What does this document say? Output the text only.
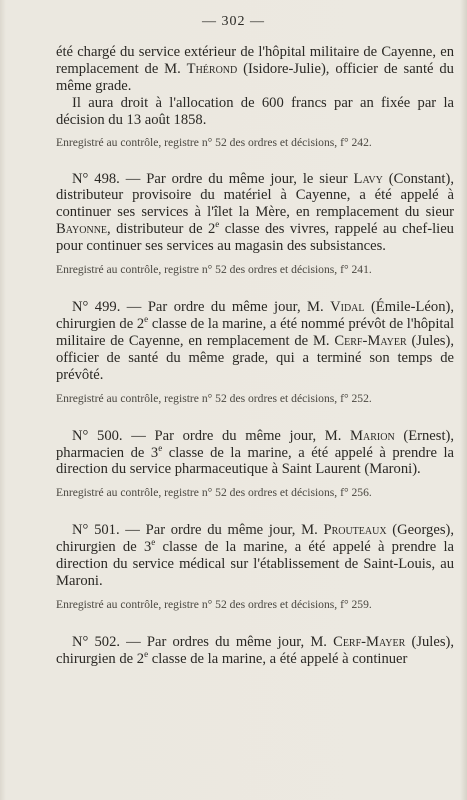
— 302 —

été chargé du service extérieur de l'hôpital militaire de Cayenne, en remplacement de M. Thérond (Isidore-Julie), officier de santé du même grade.

Il aura droit à l'allocation de 600 francs par an fixée par la décision du 13 août 1858.

Enregistré au contrôle, registre n° 52 des ordres et décisions, f° 242.

N° 498. — Par ordre du même jour, le sieur Lavy (Constant), distributeur provisoire du matériel à Cayenne, a été appelé à continuer ses services à l'îlet la Mère, en remplacement du sieur Bayonne, distributeur de 2e classe des vivres, rappelé au chef-lieu pour continuer ses services au magasin des subsistances.

Enregistré au contrôle, registre n° 52 des ordres et décisions, f° 241.

N° 499. — Par ordre du même jour, M. Vidal (Émile-Léon), chirurgien de 2e classe de la marine, a été nommé prévôt de l'hôpital militaire de Cayenne, en remplacement de M. Cerf-Mayer (Jules), officier de santé du même grade, qui a terminé son temps de prévôté.

Enregistré au contrôle, registre n° 52 des ordres et décisions, f° 252.

N° 500. — Par ordre du même jour, M. Marion (Ernest), pharmacien de 3e classe de la marine, a été appelé à prendre la direction du service pharmaceutique à Saint Laurent (Maroni).

Enregistré au contrôle, registre n° 52 des ordres et décisions, f° 256.

N° 501. — Par ordre du même jour, M. Prouteaux (Georges), chirurgien de 3e classe de la marine, a été appelé à prendre la direction du service médical sur l'établissement de Saint-Louis, au Maroni.

Enregistré au contrôle, registre n° 52 des ordres et décisions, f° 259.

N° 502. — Par ordres du même jour, M. Cerf-Mayer (Jules), chirurgien de 2e classe de la marine, a été appelé à continuer
